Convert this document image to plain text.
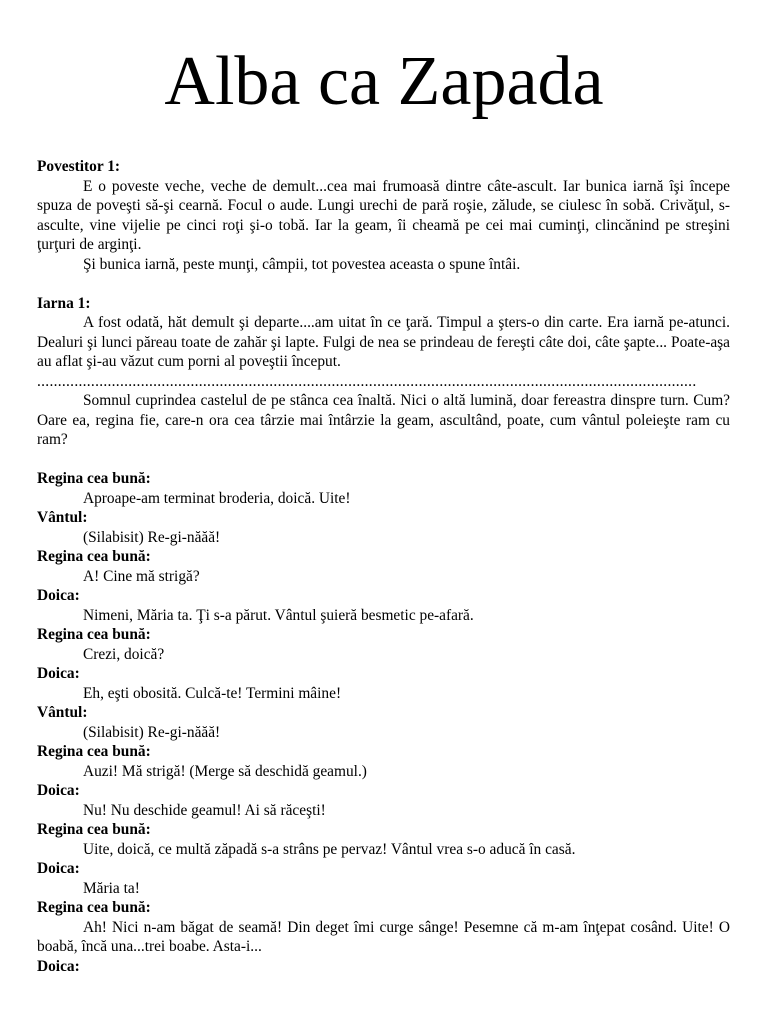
Alba ca Zapada

Povestitor 1:

E o poveste veche, veche de demult...cea mai frumoasă dintre câte-ascult. Iar bunica iarnă îşi începe spuza de poveşti să-şi cearnă. Focul o aude. Lungi urechi de pară roşie, zălude, se ciulesc în sobă. Crivăţul, s-asculte, vine vijelie pe cinci roţi şi-o tobă. Iar la geam, îi cheamă pe cei mai cuminţi, clincănind pe streşini ţurţuri de arginţi.

Şi bunica iarnă, peste munţi, câmpii, tot povestea aceasta o spune întâi.

Iarna 1:

A fost odată, hăt demult şi departe....am uitat în ce ţară. Timpul a şters-o din carte. Era iarnă pe-atunci. Dealuri şi lunci păreau toate de zahăr şi lapte. Fulgi de nea se prindeau de fereşti câte doi, câte şapte... Poate-aşa au aflat şi-au văzut cum porni al poveştii început.

...............................................................................................................................................................

Somnul cuprindea castelul de pe stânca cea înaltă. Nici o altă lumină, doar fereastra dinspre turn. Cum? Oare ea, regina fie, care-n ora cea târzie mai întârzie la geam, ascultând, poate, cum vântul poleieşte ram cu ram?

Regina cea bună:

Aproape-am terminat broderia, doică. Uite!

Vântul:

(Silabisit) Re-gi-năăă!

Regina cea bună:

A! Cine mă strigă?

Doica:

Nimeni, Măria ta. Ţi s-a părut. Vântul şuieră besmetic pe-afară.

Regina cea bună:

Crezi, doică?

Doica:

Eh, eşti obosită. Culcă-te! Termini mâine!

Vântul:

(Silabisit) Re-gi-năăă!

Regina cea bună:

Auzi! Mă strigă! (Merge să deschidă geamul.)

Doica:

Nu! Nu deschide geamul! Ai să răceşti!

Regina cea bună:

Uite, doică, ce multă zăpadă s-a strâns pe pervaz! Vântul vrea s-o aducă în casă.

Doica:

Măria ta!

Regina cea bună:

Ah! Nici n-am băgat de seamă! Din deget îmi curge sânge! Pesemne că m-am înţepat cosând. Uite! O boabă, încă una...trei boabe. Asta-i...

Doica:
